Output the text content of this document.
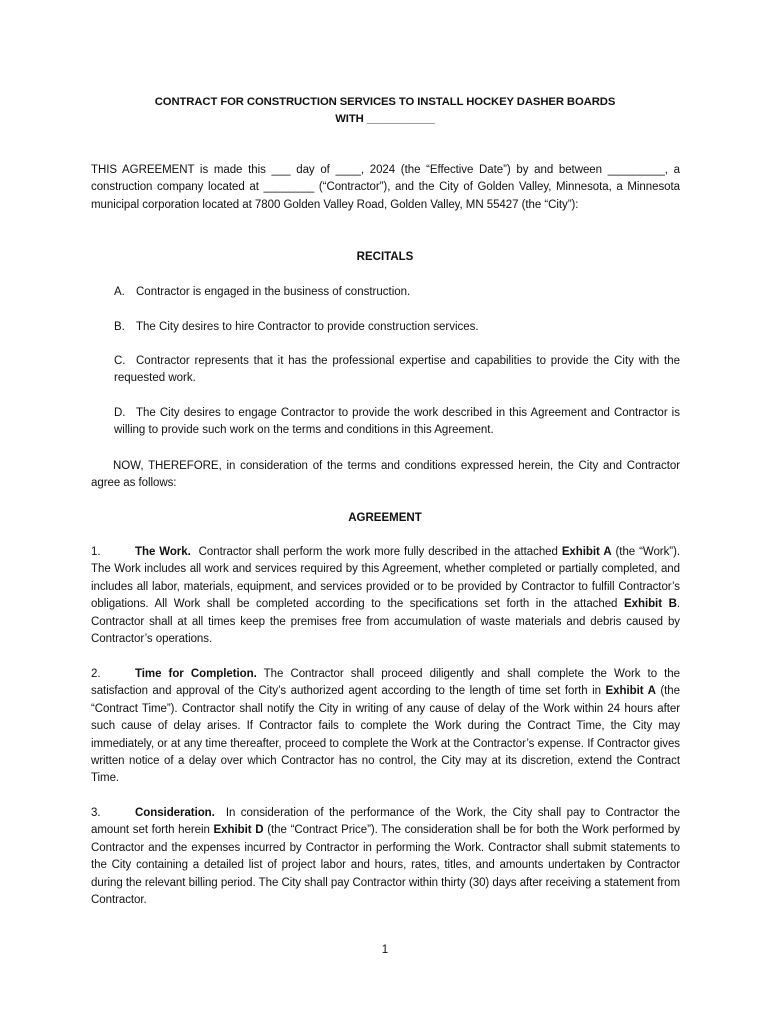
CONTRACT FOR CONSTRUCTION SERVICES TO INSTALL HOCKEY DASHER BOARDS
WITH ___________
THIS AGREEMENT is made this ___ day of ____, 2024 (the “Effective Date”) by and between _________, a construction company located at ________ (“Contractor”), and the City of Golden Valley, Minnesota, a Minnesota municipal corporation located at 7800 Golden Valley Road, Golden Valley, MN 55427 (the “City”):
RECITALS
A. Contractor is engaged in the business of construction.
B. The City desires to hire Contractor to provide construction services.
C. Contractor represents that it has the professional expertise and capabilities to provide the City with the requested work.
D. The City desires to engage Contractor to provide the work described in this Agreement and Contractor is willing to provide such work on the terms and conditions in this Agreement.
NOW, THEREFORE, in consideration of the terms and conditions expressed herein, the City and Contractor agree as follows:
AGREEMENT
1.	The Work. Contractor shall perform the work more fully described in the attached Exhibit A (the “Work”). The Work includes all work and services required by this Agreement, whether completed or partially completed, and includes all labor, materials, equipment, and services provided or to be provided by Contractor to fulfill Contractor’s obligations. All Work shall be completed according to the specifications set forth in the attached Exhibit B. Contractor shall at all times keep the premises free from accumulation of waste materials and debris caused by Contractor’s operations.
2.	Time for Completion. The Contractor shall proceed diligently and shall complete the Work to the satisfaction and approval of the City’s authorized agent according to the length of time set forth in Exhibit A (the “Contract Time”). Contractor shall notify the City in writing of any cause of delay of the Work within 24 hours after such cause of delay arises. If Contractor fails to complete the Work during the Contract Time, the City may immediately, or at any time thereafter, proceed to complete the Work at the Contractor’s expense. If Contractor gives written notice of a delay over which Contractor has no control, the City may at its discretion, extend the Contract Time.
3.	Consideration. In consideration of the performance of the Work, the City shall pay to Contractor the amount set forth herein Exhibit D (the “Contract Price”). The consideration shall be for both the Work performed by Contractor and the expenses incurred by Contractor in performing the Work. Contractor shall submit statements to the City containing a detailed list of project labor and hours, rates, titles, and amounts undertaken by Contractor during the relevant billing period. The City shall pay Contractor within thirty (30) days after receiving a statement from Contractor.
1
